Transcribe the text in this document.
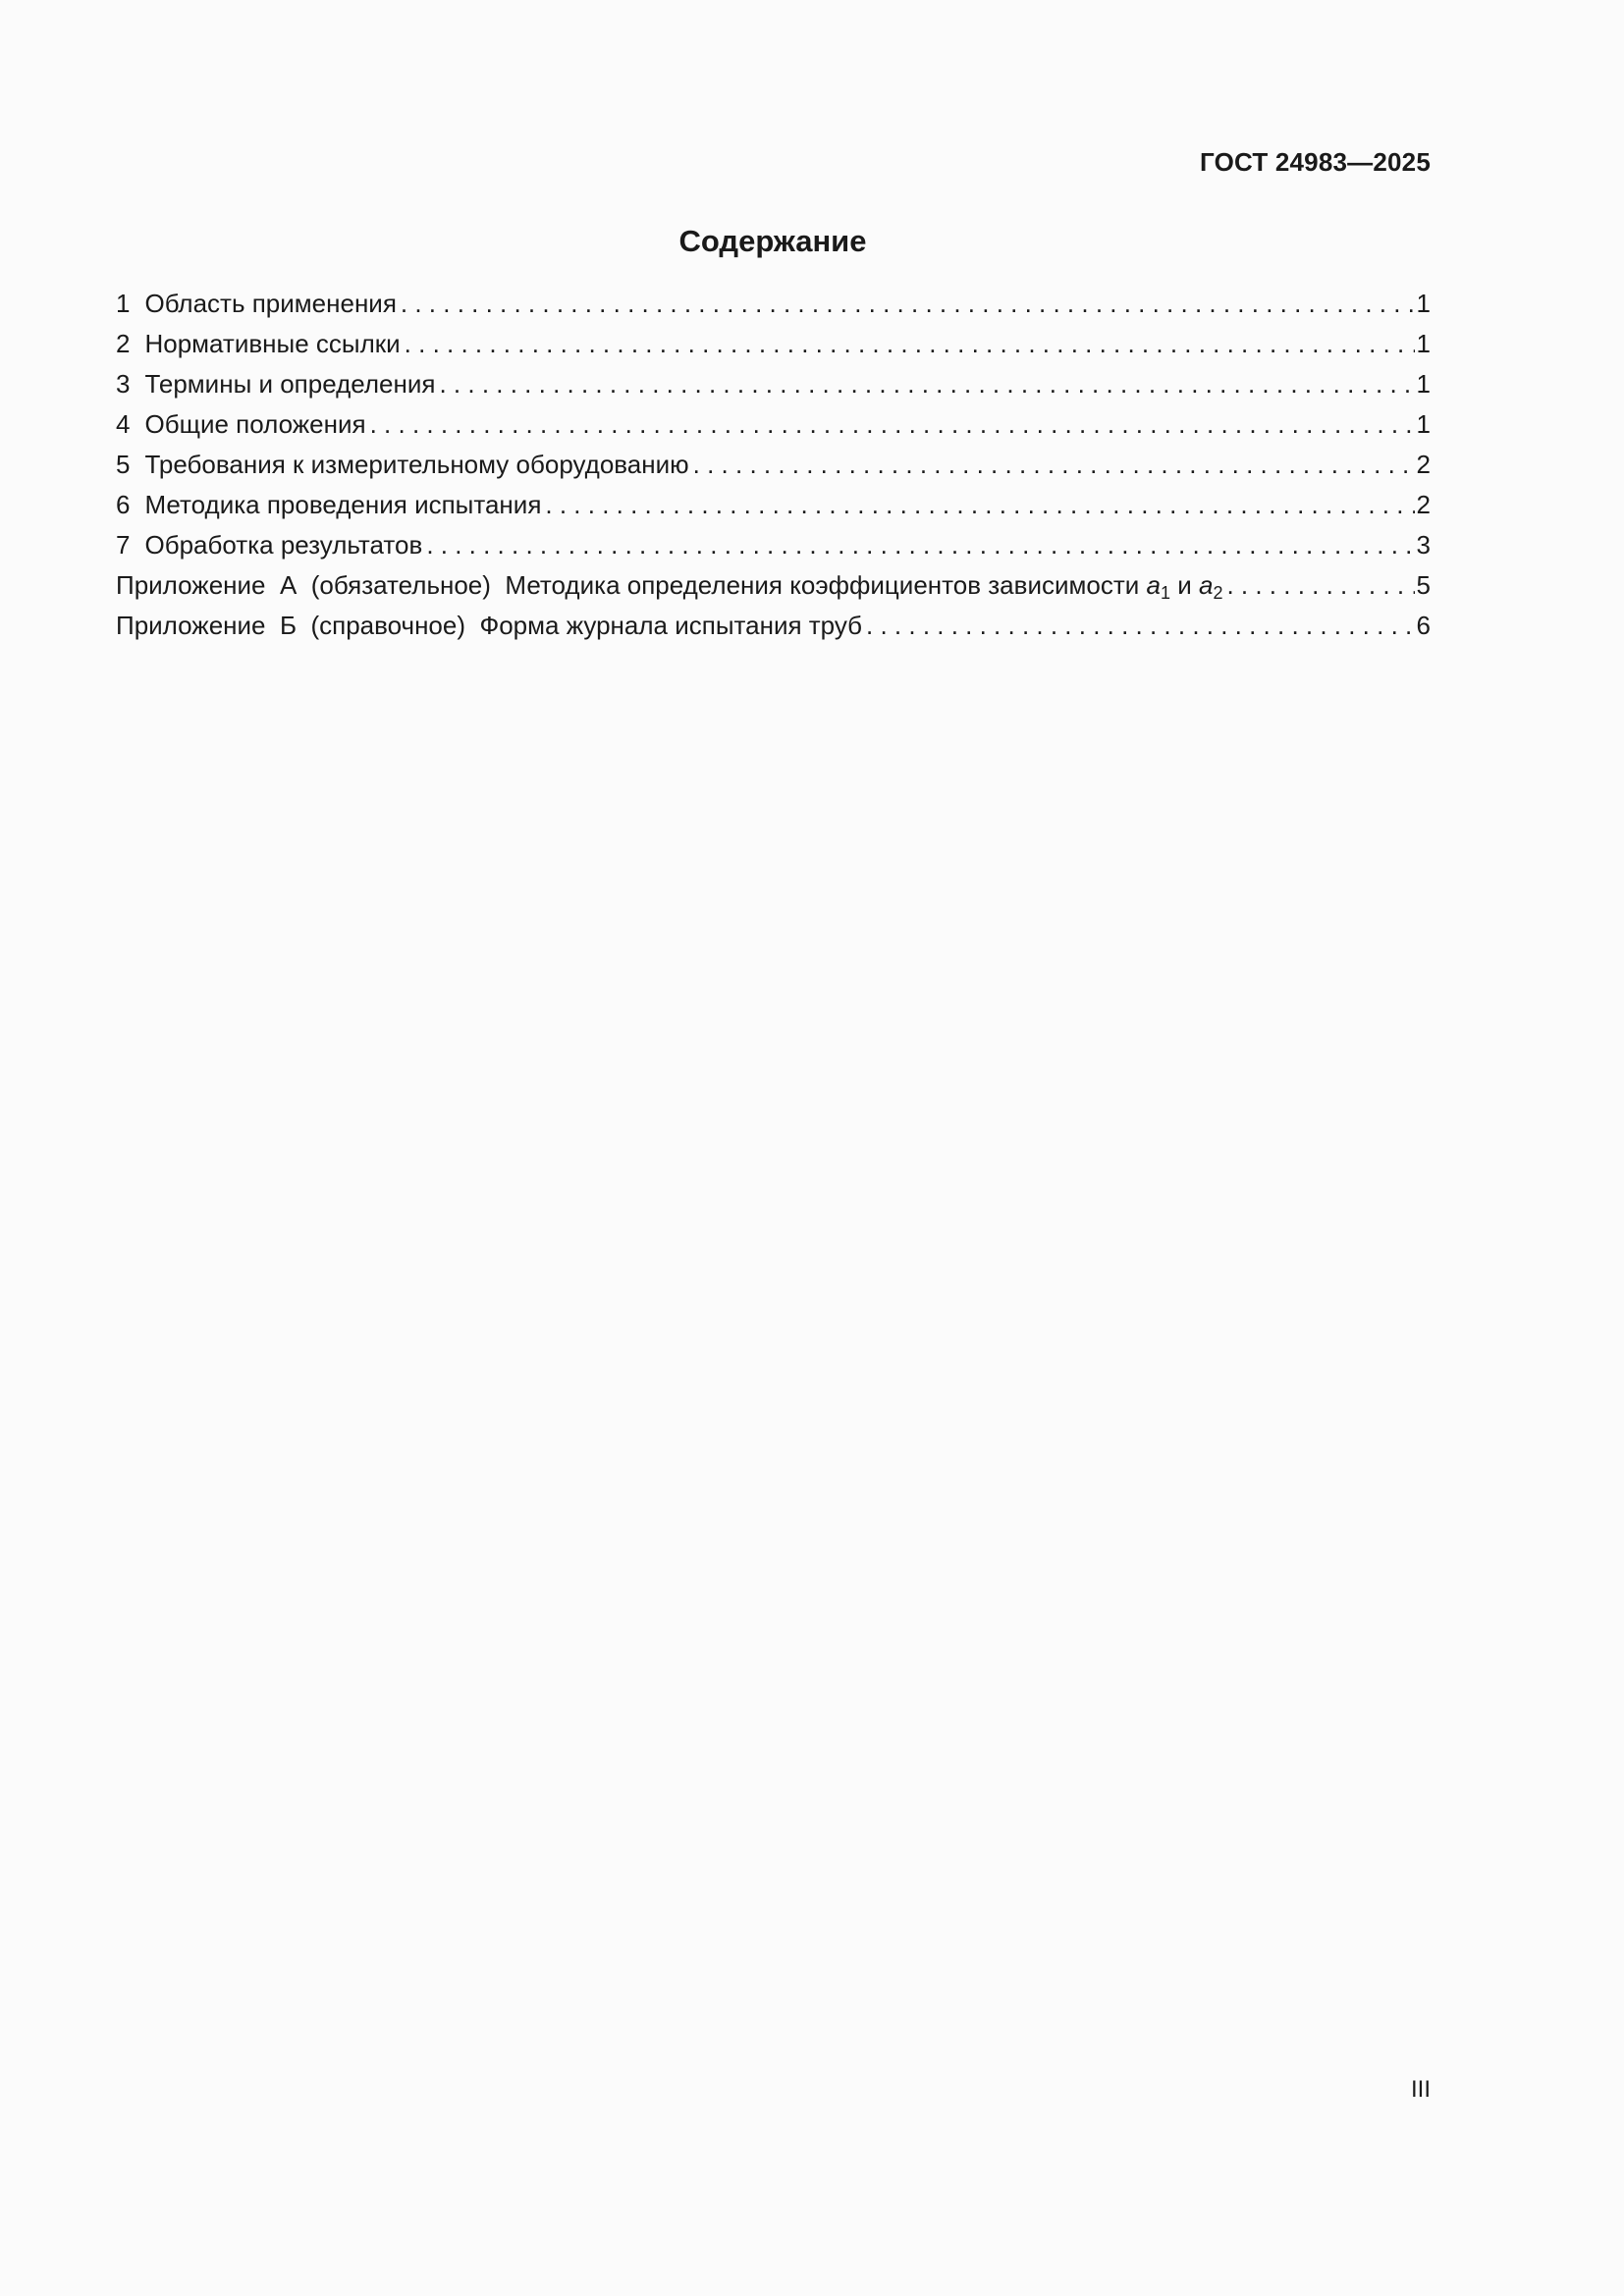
ГОСТ 24983—2025
Содержание
1 Область применения . . .	1
2 Нормативные ссылки . . .	1
3 Термины и определения . . .	1
4 Общие положения . . .	1
5 Требования к измерительному оборудованию . . .	2
6 Методика проведения испытания . . .	2
7 Обработка результатов . . .	3
Приложение  А  (обязательное)  Методика определения коэффициентов зависимости $a_1$ и $a_2$ . . .	5
Приложение  Б  (справочное)  Форма журнала испытания труб . . .	6
III
